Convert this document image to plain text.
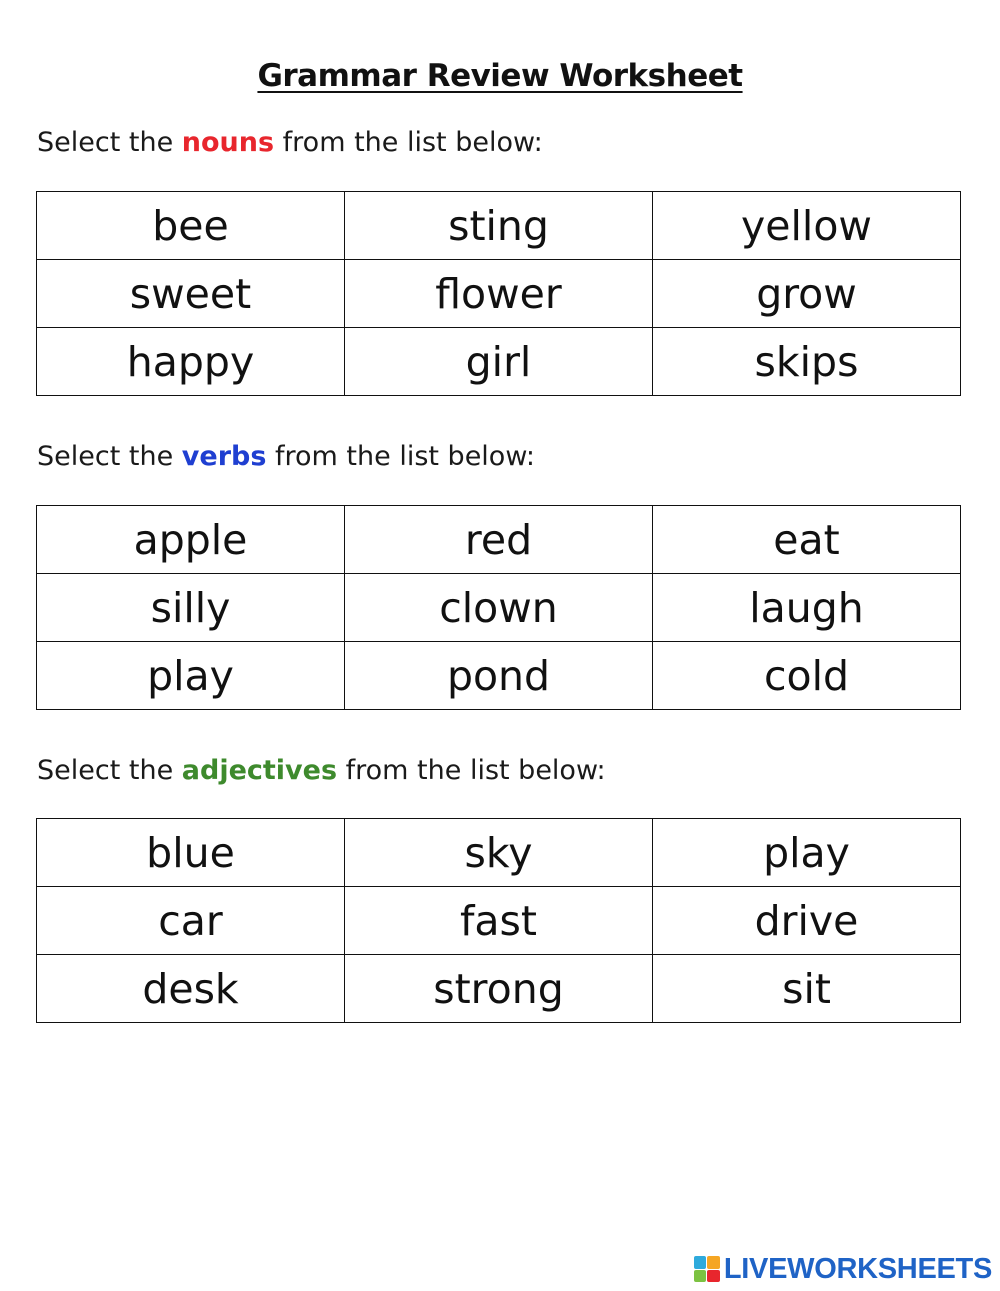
Grammar Review Worksheet
Select the nouns from the list below:
bee	sting	yellow
sweet	flower	grow
happy	girl	skips
Select the verbs from the list below:
apple	red	eat
silly	clown	laugh
play	pond	cold
Select the adjectives from the list below:
blue	sky	play
car	fast	drive
desk	strong	sit
LIVEWORKSHEETS
